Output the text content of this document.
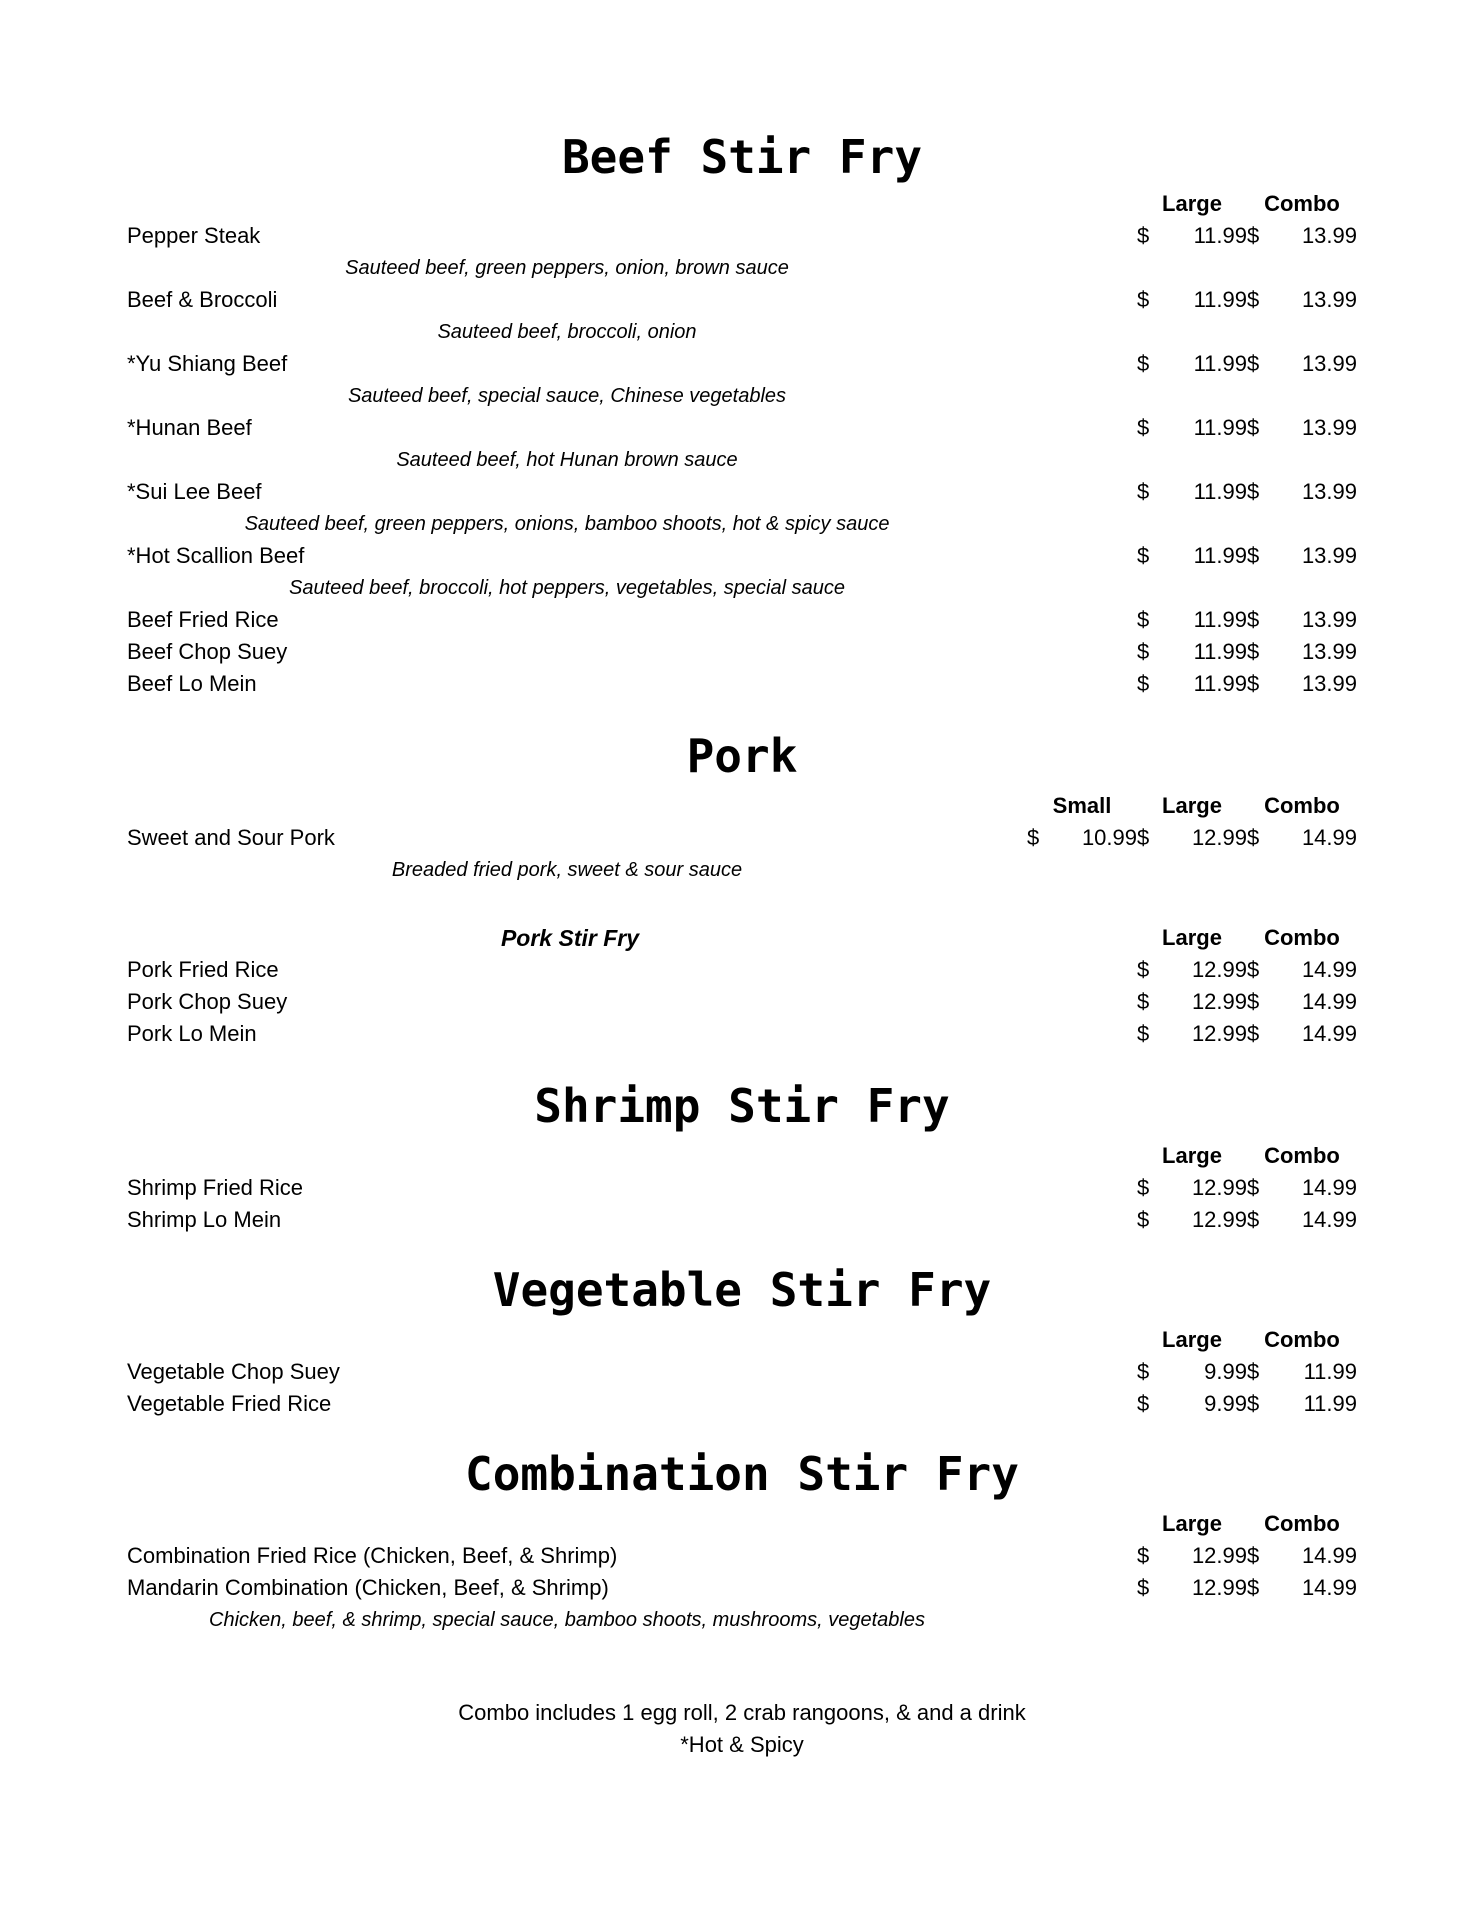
Beef Stir Fry
Large	Combo
Pepper Steak	$ 11.99 $ 13.99
Sauteed beef, green peppers, onion, brown sauce
Beef & Broccoli	$ 11.99 $ 13.99
Sauteed beef, broccoli, onion
*Yu Shiang Beef	$ 11.99 $ 13.99
Sauteed beef, special sauce, Chinese vegetables
*Hunan Beef	$ 11.99 $ 13.99
Sauteed beef, hot Hunan brown sauce
*Sui Lee Beef	$ 11.99 $ 13.99
Sauteed beef, green peppers, onions, bamboo shoots, hot & spicy sauce
*Hot Scallion Beef	$ 11.99 $ 13.99
Sauteed beef, broccoli, hot peppers, vegetables, special sauce
Beef Fried Rice	$ 11.99 $ 13.99
Beef Chop Suey	$ 11.99 $ 13.99
Beef Lo Mein	$ 11.99 $ 13.99
Pork
Small	Large	Combo
Sweet and Sour Pork	$ 10.99 $ 12.99 $ 14.99
Breaded fried pork, sweet & sour sauce
Pork Stir Fry	Large	Combo
Pork Fried Rice	$ 12.99 $ 14.99
Pork Chop Suey	$ 12.99 $ 14.99
Pork Lo Mein	$ 12.99 $ 14.99
Shrimp Stir Fry
Large	Combo
Shrimp Fried Rice	$ 12.99 $ 14.99
Shrimp Lo Mein	$ 12.99 $ 14.99
Vegetable Stir Fry
Large	Combo
Vegetable Chop Suey	$ 9.99 $ 11.99
Vegetable Fried Rice	$ 9.99 $ 11.99
Combination Stir Fry
Large	Combo
Combination Fried Rice (Chicken, Beef, & Shrimp)	$ 12.99 $ 14.99
Mandarin Combination (Chicken, Beef, & Shrimp)	$ 12.99 $ 14.99
Chicken, beef, & shrimp, special sauce, bamboo shoots, mushrooms, vegetables
Combo includes 1 egg roll, 2 crab rangoons, & and a drink
*Hot & Spicy
